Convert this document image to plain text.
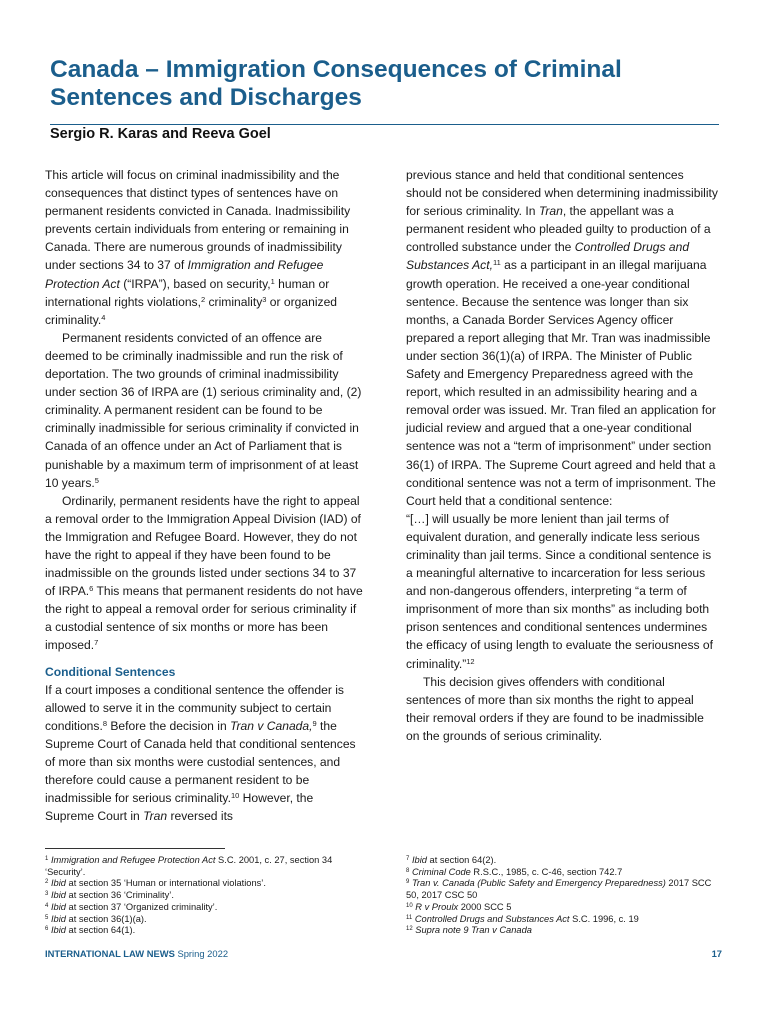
Canada – Immigration Consequences of Criminal
Sentences and Discharges

Sergio R. Karas and Reeva Goel

This article will focus on criminal inadmissibility and the consequences that distinct types of sentences have on permanent residents convicted in Canada. Inadmissibility prevents certain individuals from entering or remaining in Canada. There are numerous grounds of inadmissibility under sections 34 to 37 of Immigration and Refugee Protection Act (“IRPA”), based on security,$^1$ human or international rights violations,$^2$ criminality$^3$ or organized criminality.$^4$

Permanent residents convicted of an offence are deemed to be criminally inadmissible and run the risk of deportation. The two grounds of criminal inadmissibility under section 36 of IRPA are (1) serious criminality and, (2) criminality. A permanent resident can be found to be criminally inadmissible for serious criminality if convicted in Canada of an offence under an Act of Parliament that is punishable by a maximum term of imprisonment of at least 10 years.$^5$

Ordinarily, permanent residents have the right to appeal a removal order to the Immigration Appeal Division (IAD) of the Immigration and Refugee Board. However, they do not have the right to appeal if they have been found to be inadmissible on the grounds listed under sections 34 to 37 of IRPA.$^6$ This means that permanent residents do not have the right to appeal a removal order for serious criminality if a custodial sentence of six months or more has been imposed.$^7$

Conditional Sentences

If a court imposes a conditional sentence the offender is allowed to serve it in the community subject to certain conditions.$^8$ Before the decision in Tran v Canada,$^9$ the Supreme Court of Canada held that conditional sentences of more than six months were custodial sentences, and therefore could cause a permanent resident to be inadmissible for serious criminality.$^{10}$ However, the Supreme Court in Tran reversed its

previous stance and held that conditional sentences should not be considered when determining inadmissibility for serious criminality. In Tran, the appellant was a permanent resident who pleaded guilty to production of a controlled substance under the Controlled Drugs and Substances Act,$^{11}$ as a participant in an illegal marijuana growth operation. He received a one-year conditional sentence. Because the sentence was longer than six months, a Canada Border Services Agency officer prepared a report alleging that Mr. Tran was inadmissible under section 36(1)(a) of IRPA. The Minister of Public Safety and Emergency Preparedness agreed with the report, which resulted in an admissibility hearing and a removal order was issued. Mr. Tran filed an application for judicial review and argued that a one-year conditional sentence was not a “term of imprisonment” under section 36(1) of IRPA. The Supreme Court agreed and held that a conditional sentence was not a term of imprisonment. The Court held that a conditional sentence:

“[…] will usually be more lenient than jail terms of equivalent duration, and generally indicate less serious criminality than jail terms. Since a conditional sentence is a meaningful alternative to incarceration for less serious and non-dangerous offenders, interpreting “a term of imprisonment of more than six months” as including both prison sentences and conditional sentences undermines the efficacy of using length to evaluate the seriousness of criminality.”$^{12}$

This decision gives offenders with conditional sentences of more than six months the right to appeal their removal orders if they are found to be inadmissible on the grounds of serious criminality.

$^1$ Immigration and Refugee Protection Act S.C. 2001, c. 27, section 34 ‘Security’.

$^2$ Ibid at section 35 ‘Human or international violations’.

$^3$ Ibid at section 36 ‘Criminality’.

$^4$ Ibid at section 37 ‘Organized criminality’.

$^5$ Ibid at section 36(1)(a).

$^6$ Ibid at section 64(1).

$^7$ Ibid at section 64(2).

$^8$ Criminal Code R.S.C., 1985, c. C-46, section 742.7

$^9$ Tran v. Canada (Public Safety and Emergency Preparedness) 2017 SCC 50, 2017 CSC 50

$^{10}$ R v Proulx 2000 SCC 5

$^{11}$ Controlled Drugs and Substances Act S.C. 1996, c. 19

$^{12}$ Supra note 9 Tran v Canada

INTERNATIONAL LAW NEWS Spring 2022	17
